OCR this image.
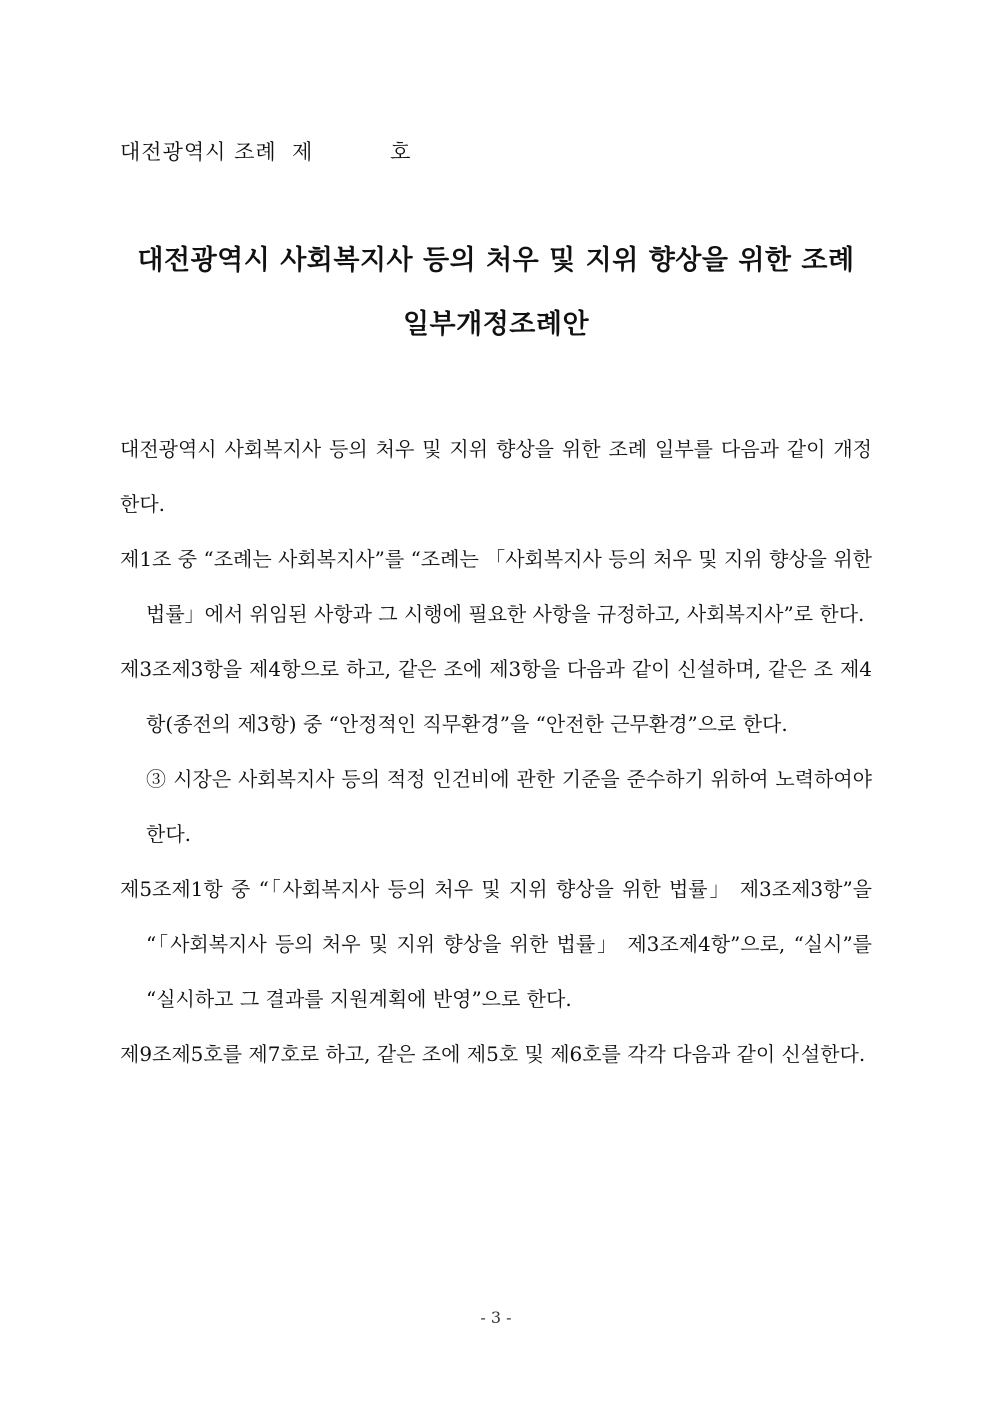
대전광역시 조례  제          호
대전광역시 사회복지사 등의 처우 및 지위 향상을 위한 조례
일부개정조례안

대전광역시 사회복지사 등의 처우 및 지위 향상을 위한 조례 일부를 다음과 같이 개정한다.

제1조 중 “조례는 사회복지사”를 “조례는 「사회복지사 등의 처우 및 지위 향상을 위한 법률」에서 위임된 사항과 그 시행에 필요한 사항을 규정하고, 사회복지사”로 한다.

제3조제3항을 제4항으로 하고, 같은 조에 제3항을 다음과 같이 신설하며, 같은 조 제4항(종전의 제3항) 중 “안정적인 직무환경”을 “안전한 근무환경”으로 한다.

③ 시장은 사회복지사 등의 적정 인건비에 관한 기준을 준수하기 위하여 노력하여야 한다.

제5조제1항 중 “「사회복지사 등의 처우 및 지위 향상을 위한 법률」 제3조제3항”을 “「사회복지사 등의 처우 및 지위 향상을 위한 법률」 제3조제4항”으로, “실시”를 “실시하고 그 결과를 지원계획에 반영”으로 한다.

제9조제5호를 제7호로 하고, 같은 조에 제5호 및 제6호를 각각 다음과 같이 신설한다.

- 3 -
